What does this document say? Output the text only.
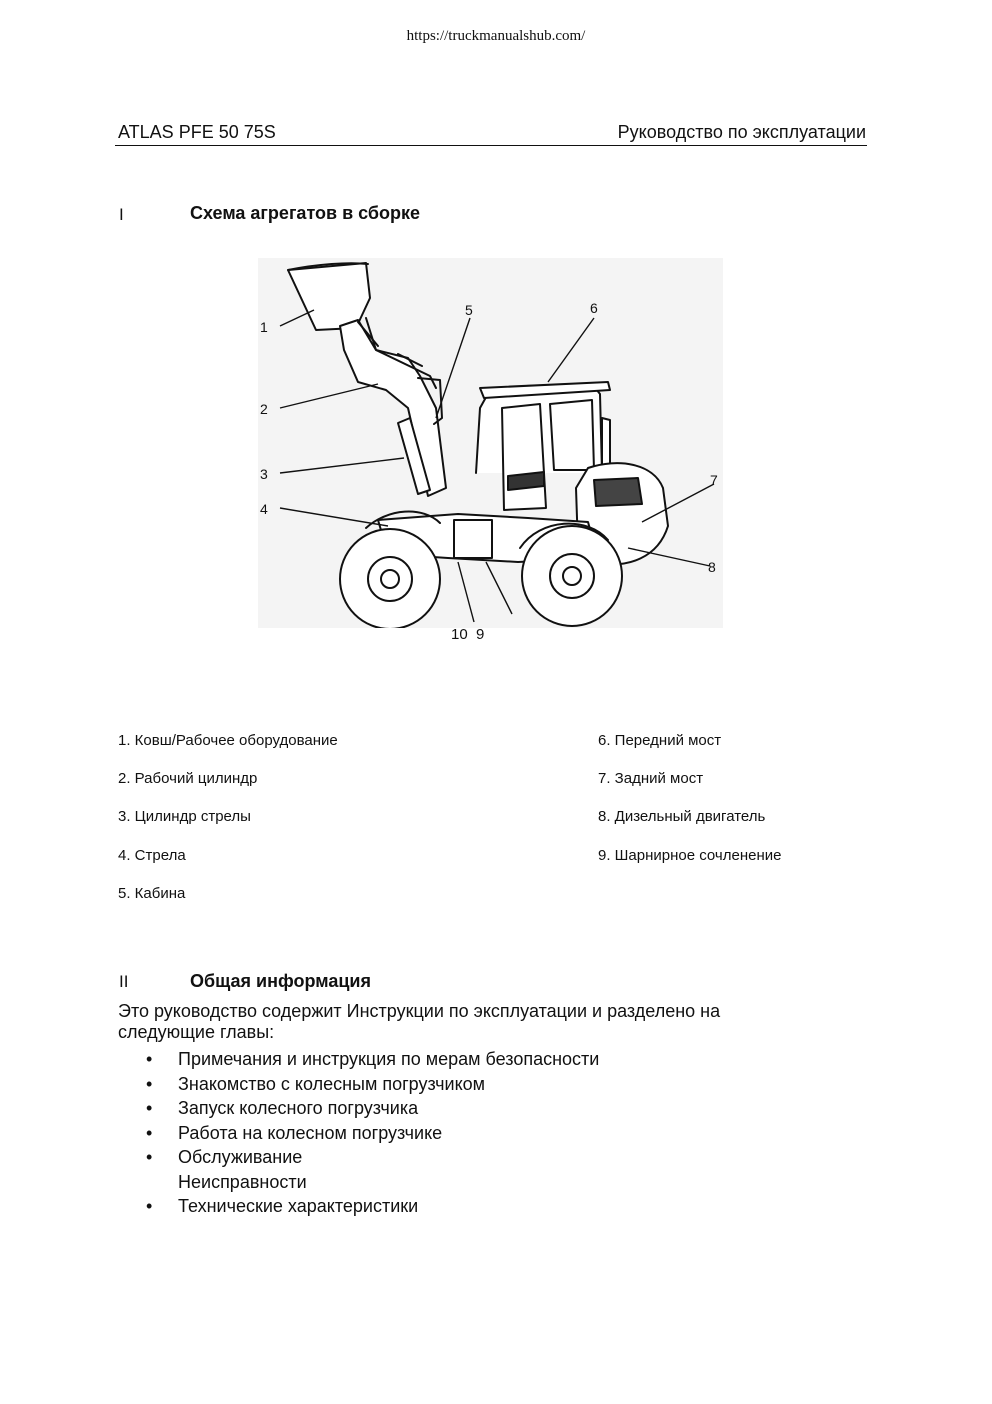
https://truckmanualshub.com/
ATLAS PFE 50 75S	Руководство по эксплуатации
I	Схема агрегатов в сборке
1
2
3
4
5	6
7
8
10  9
1. Ковш/Рабочее оборудование
2. Рабочий цилиндр
3. Цилиндр стрелы
4. Стрела
5. Кабина
6. Передний мост
7. Задний мост
8. Дизельный двигатель
9. Шарнирное сочленение
II	Общая информация
Это руководство содержит Инструкции по эксплуатации и разделено на следующие главы:
•	Примечания и инструкция по мерам безопасности
•	Знакомство с колесным погрузчиком
•	Запуск колесного погрузчика
•	Работа на колесном погрузчике
•	Обслуживание
Неисправности
•	Технические характеристики
